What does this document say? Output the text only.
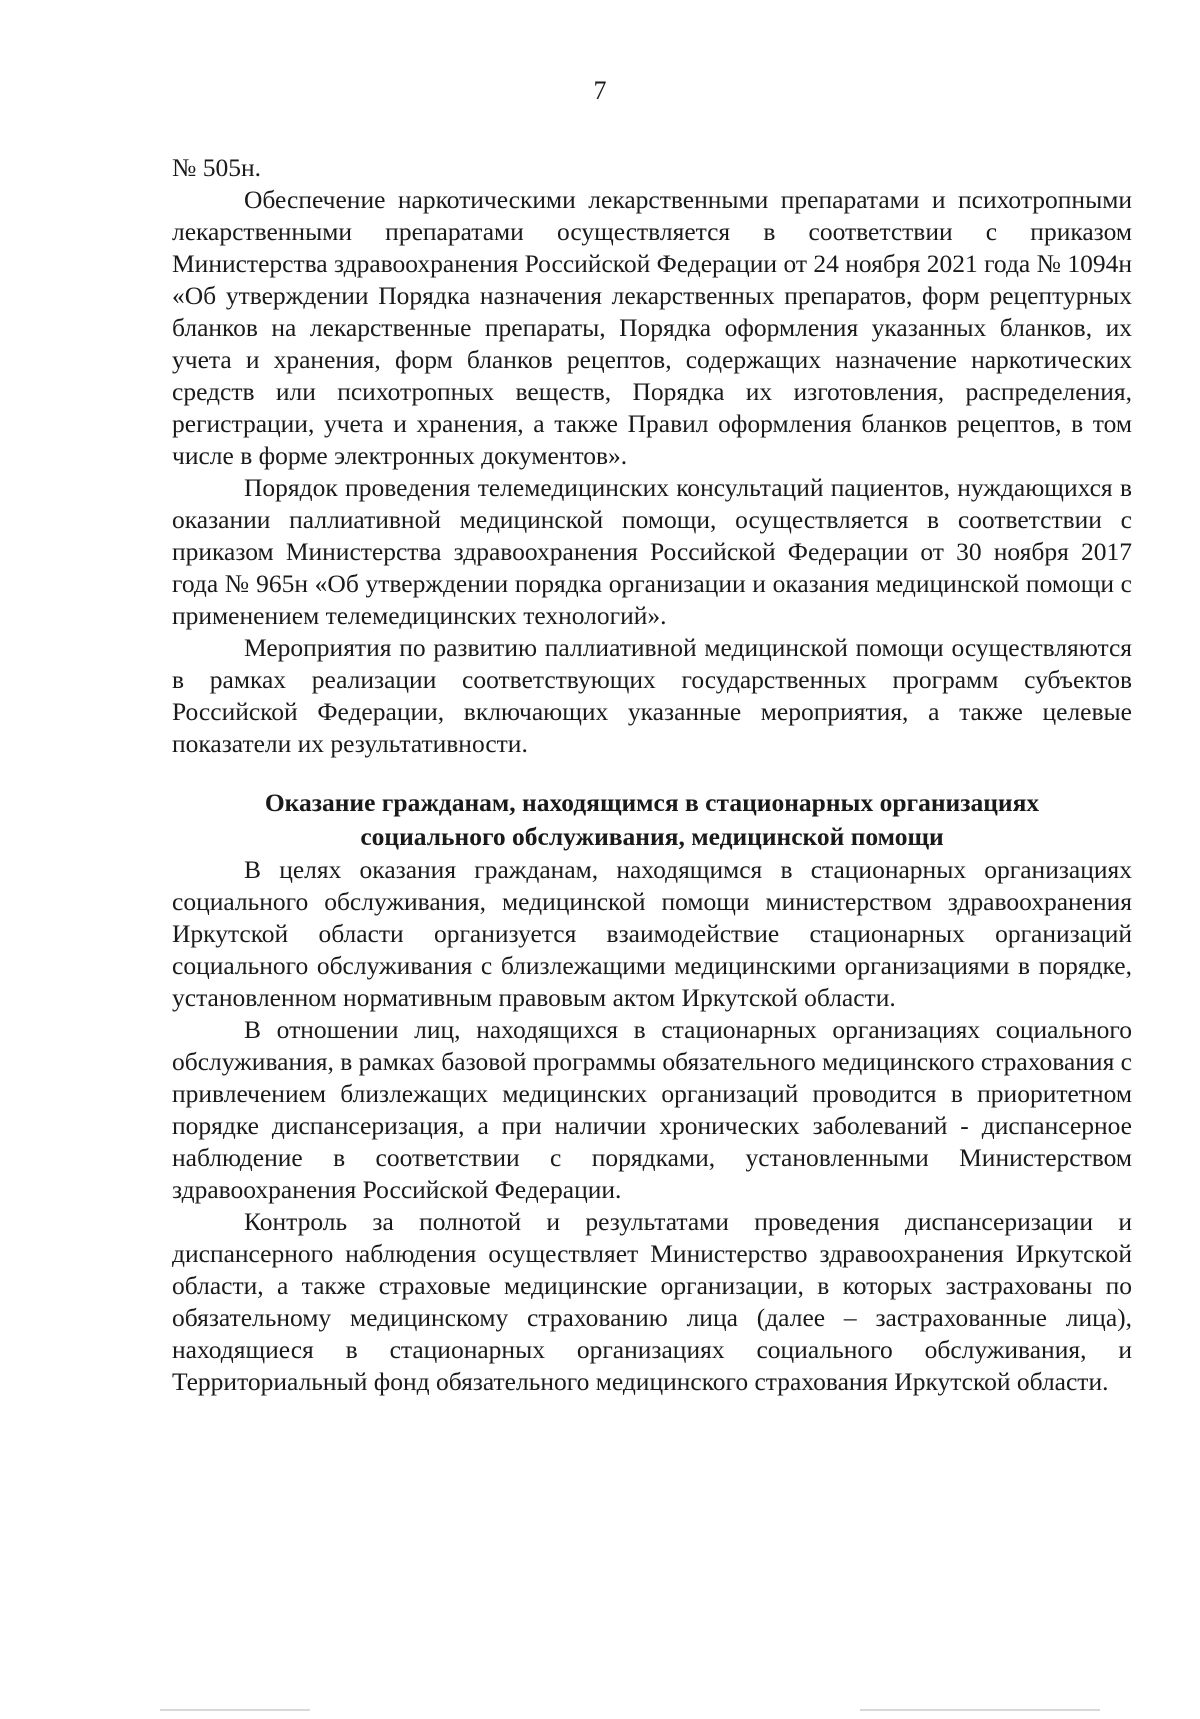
7

№ 505н.

Обеспечение наркотическими лекарственными препаратами и психотропными лекарственными препаратами осуществляется в соответствии с приказом Министерства здравоохранения Российской Федерации от 24 ноября 2021 года № 1094н «Об утверждении Порядка назначения лекарственных препаратов, форм рецептурных бланков на лекарственные препараты, Порядка оформления указанных бланков, их учета и хранения, форм бланков рецептов, содержащих назначение наркотических средств или психотропных веществ, Порядка их изготовления, распределения, регистрации, учета и хранения, а также Правил оформления бланков рецептов, в том числе в форме электронных документов».

Порядок проведения телемедицинских консультаций пациентов, нуждающихся в оказании паллиативной медицинской помощи, осуществляется в соответствии с приказом Министерства здравоохранения Российской Федерации от 30 ноября 2017 года № 965н «Об утверждении порядка организации и оказания медицинской помощи с применением телемедицинских технологий».

Мероприятия по развитию паллиативной медицинской помощи осуществляются в рамках реализации соответствующих государственных программ субъектов Российской Федерации, включающих указанные мероприятия, а также целевые показатели их результативности.

Оказание гражданам, находящимся в стационарных организациях
социального обслуживания, медицинской помощи

В целях оказания гражданам, находящимся в стационарных организациях социального обслуживания, медицинской помощи министерством здравоохранения Иркутской области организуется взаимодействие стационарных организаций социального обслуживания с близлежащими медицинскими организациями в порядке, установленном нормативным правовым актом Иркутской области.

В отношении лиц, находящихся в стационарных организациях социального обслуживания, в рамках базовой программы обязательного медицинского страхования с привлечением близлежащих медицинских организаций проводится в приоритетном порядке диспансеризация, а при наличии хронических заболеваний - диспансерное наблюдение в соответствии с порядками, установленными Министерством здравоохранения Российской Федерации.

Контроль за полнотой и результатами проведения диспансеризации и диспансерного наблюдения осуществляет Министерство здравоохранения Иркутской области, а также страховые медицинские организации, в которых застрахованы по обязательному медицинскому страхованию лица (далее – застрахованные лица), находящиеся в стационарных организациях социального обслуживания, и Территориальный фонд обязательного медицинского страхования Иркутской области.
